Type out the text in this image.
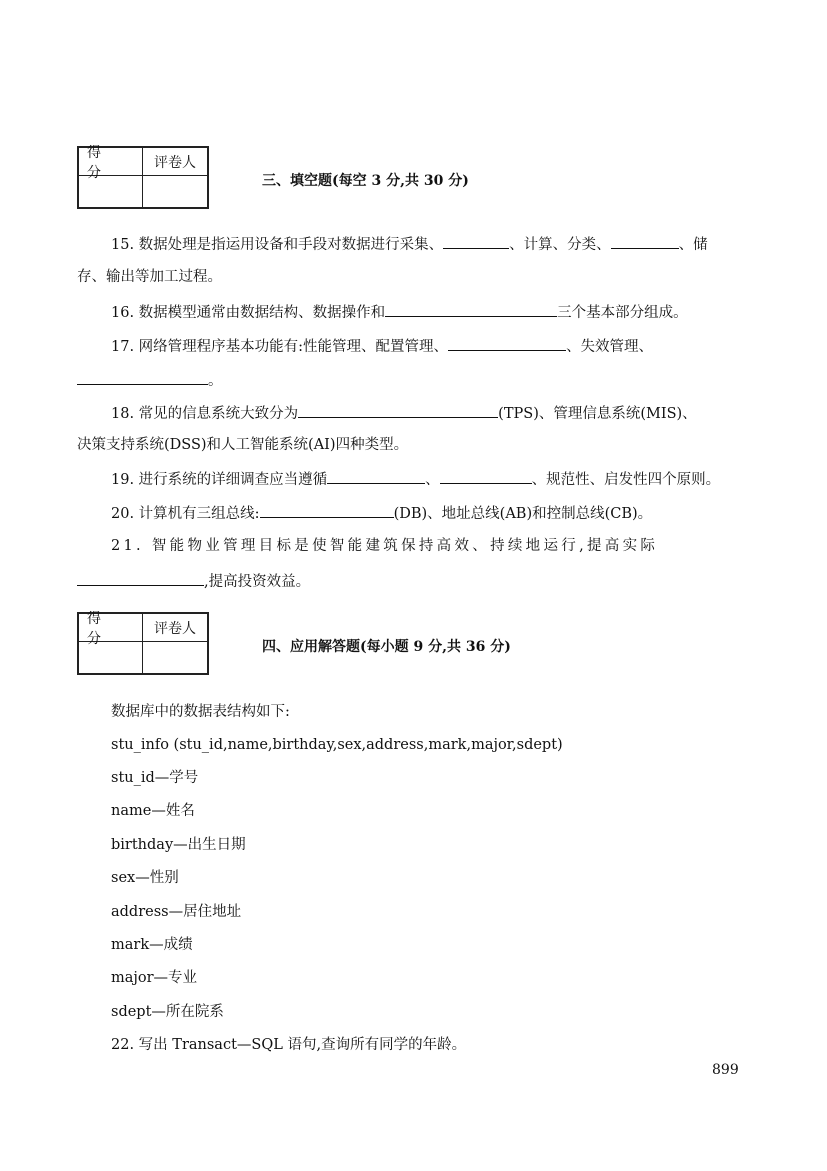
得 分
评卷人
三、填空题(每空 3 分,共 30 分)
15. 数据处理是指运用设备和手段对数据进行采集、	、计算、分类、	、储
存、输出等加工过程。
16. 数据模型通常由数据结构、数据操作和	三个基本部分组成。
17. 网络管理程序基本功能有:性能管理、配置管理、	、失效管理、
。
18. 常见的信息系统大致分为	(TPS)、管理信息系统(MIS)、
决策支持系统(DSS)和人工智能系统(AI)四种类型。
19. 进行系统的详细调查应当遵循	、	、规范性、启发性四个原则。
20. 计算机有三组总线:	(DB)、地址总线(AB)和控制总线(CB)。
21. 智能物业管理目标是使智能建筑保持高效、持续地运行,提高实际
,提高投资效益。
得 分
评卷人
四、应用解答题(每小题 9 分,共 36 分)
数据库中的数据表结构如下:
stu_info (stu_id,name,birthday,sex,address,mark,major,sdept)
stu_id—学号
name—姓名
birthday—出生日期
sex—性别
address—居住地址
mark—成绩
major—专业
sdept—所在院系
22. 写出 Transact—SQL 语句,查询所有同学的年龄。
899
